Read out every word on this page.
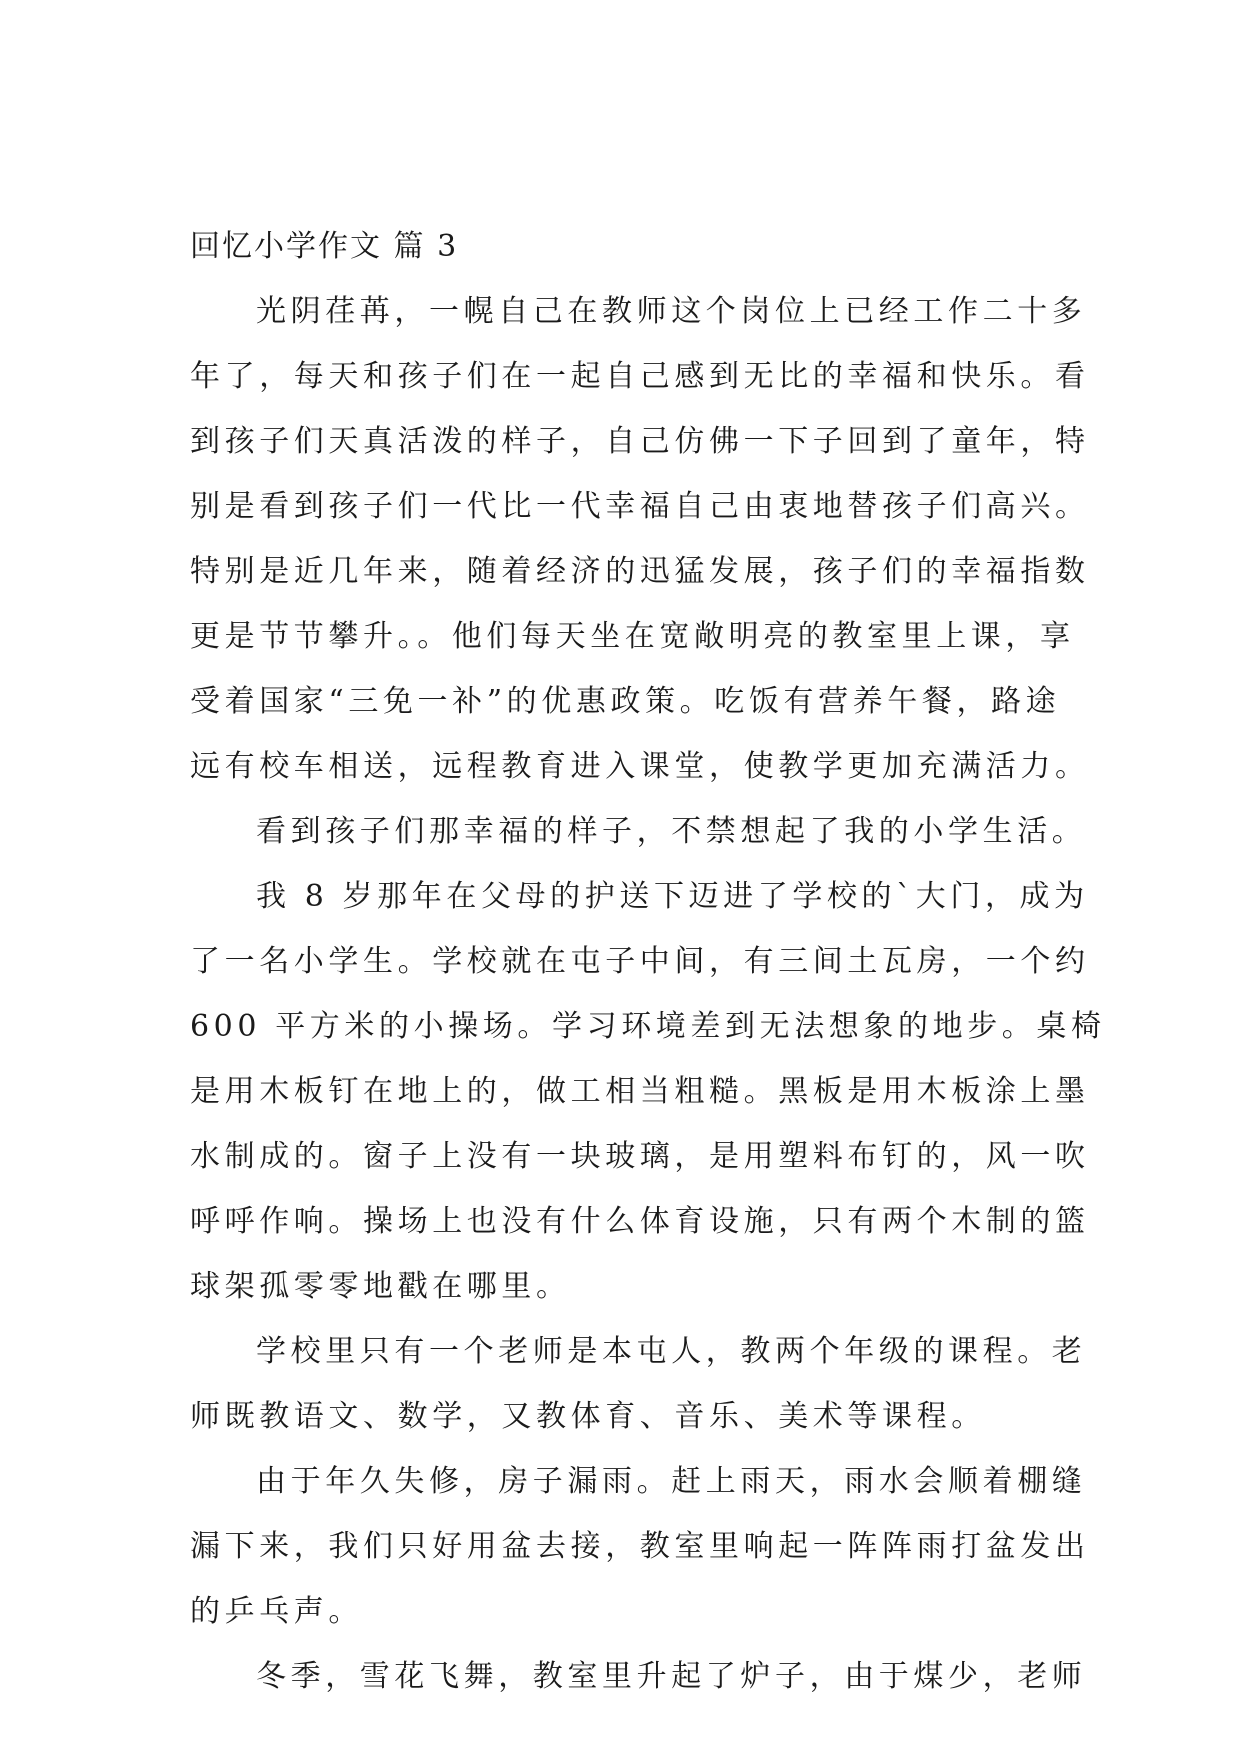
回忆小学作文 篇 3
光阴荏苒，一幌自己在教师这个岗位上已经工作二十多
年了，每天和孩子们在一起自己感到无比的幸福和快乐。看
到孩子们天真活泼的样子，自己仿佛一下子回到了童年，特
别是看到孩子们一代比一代幸福自己由衷地替孩子们高兴。
特别是近几年来，随着经济的迅猛发展，孩子们的幸福指数
更是节节攀升。。他们每天坐在宽敞明亮的教室里上课，享
受着国家“三免一补”的优惠政策。吃饭有营养午餐，路途
远有校车相送，远程教育进入课堂，使教学更加充满活力。
看到孩子们那幸福的样子，不禁想起了我的小学生活。
我 8 岁那年在父母的护送下迈进了学校的`大门，成为
了一名小学生。学校就在屯子中间，有三间土瓦房，一个约
600 平方米的小操场。学习环境差到无法想象的地步。桌椅
是用木板钉在地上的，做工相当粗糙。黑板是用木板涂上墨
水制成的。窗子上没有一块玻璃，是用塑料布钉的，风一吹
呼呼作响。操场上也没有什么体育设施，只有两个木制的篮
球架孤零零地戳在哪里。
学校里只有一个老师是本屯人，教两个年级的课程。老
师既教语文、数学，又教体育、音乐、美术等课程。
由于年久失修，房子漏雨。赶上雨天，雨水会顺着棚缝
漏下来，我们只好用盆去接，教室里响起一阵阵雨打盆发出
的乒乓声。
冬季，雪花飞舞，教室里升起了炉子，由于煤少，老师
